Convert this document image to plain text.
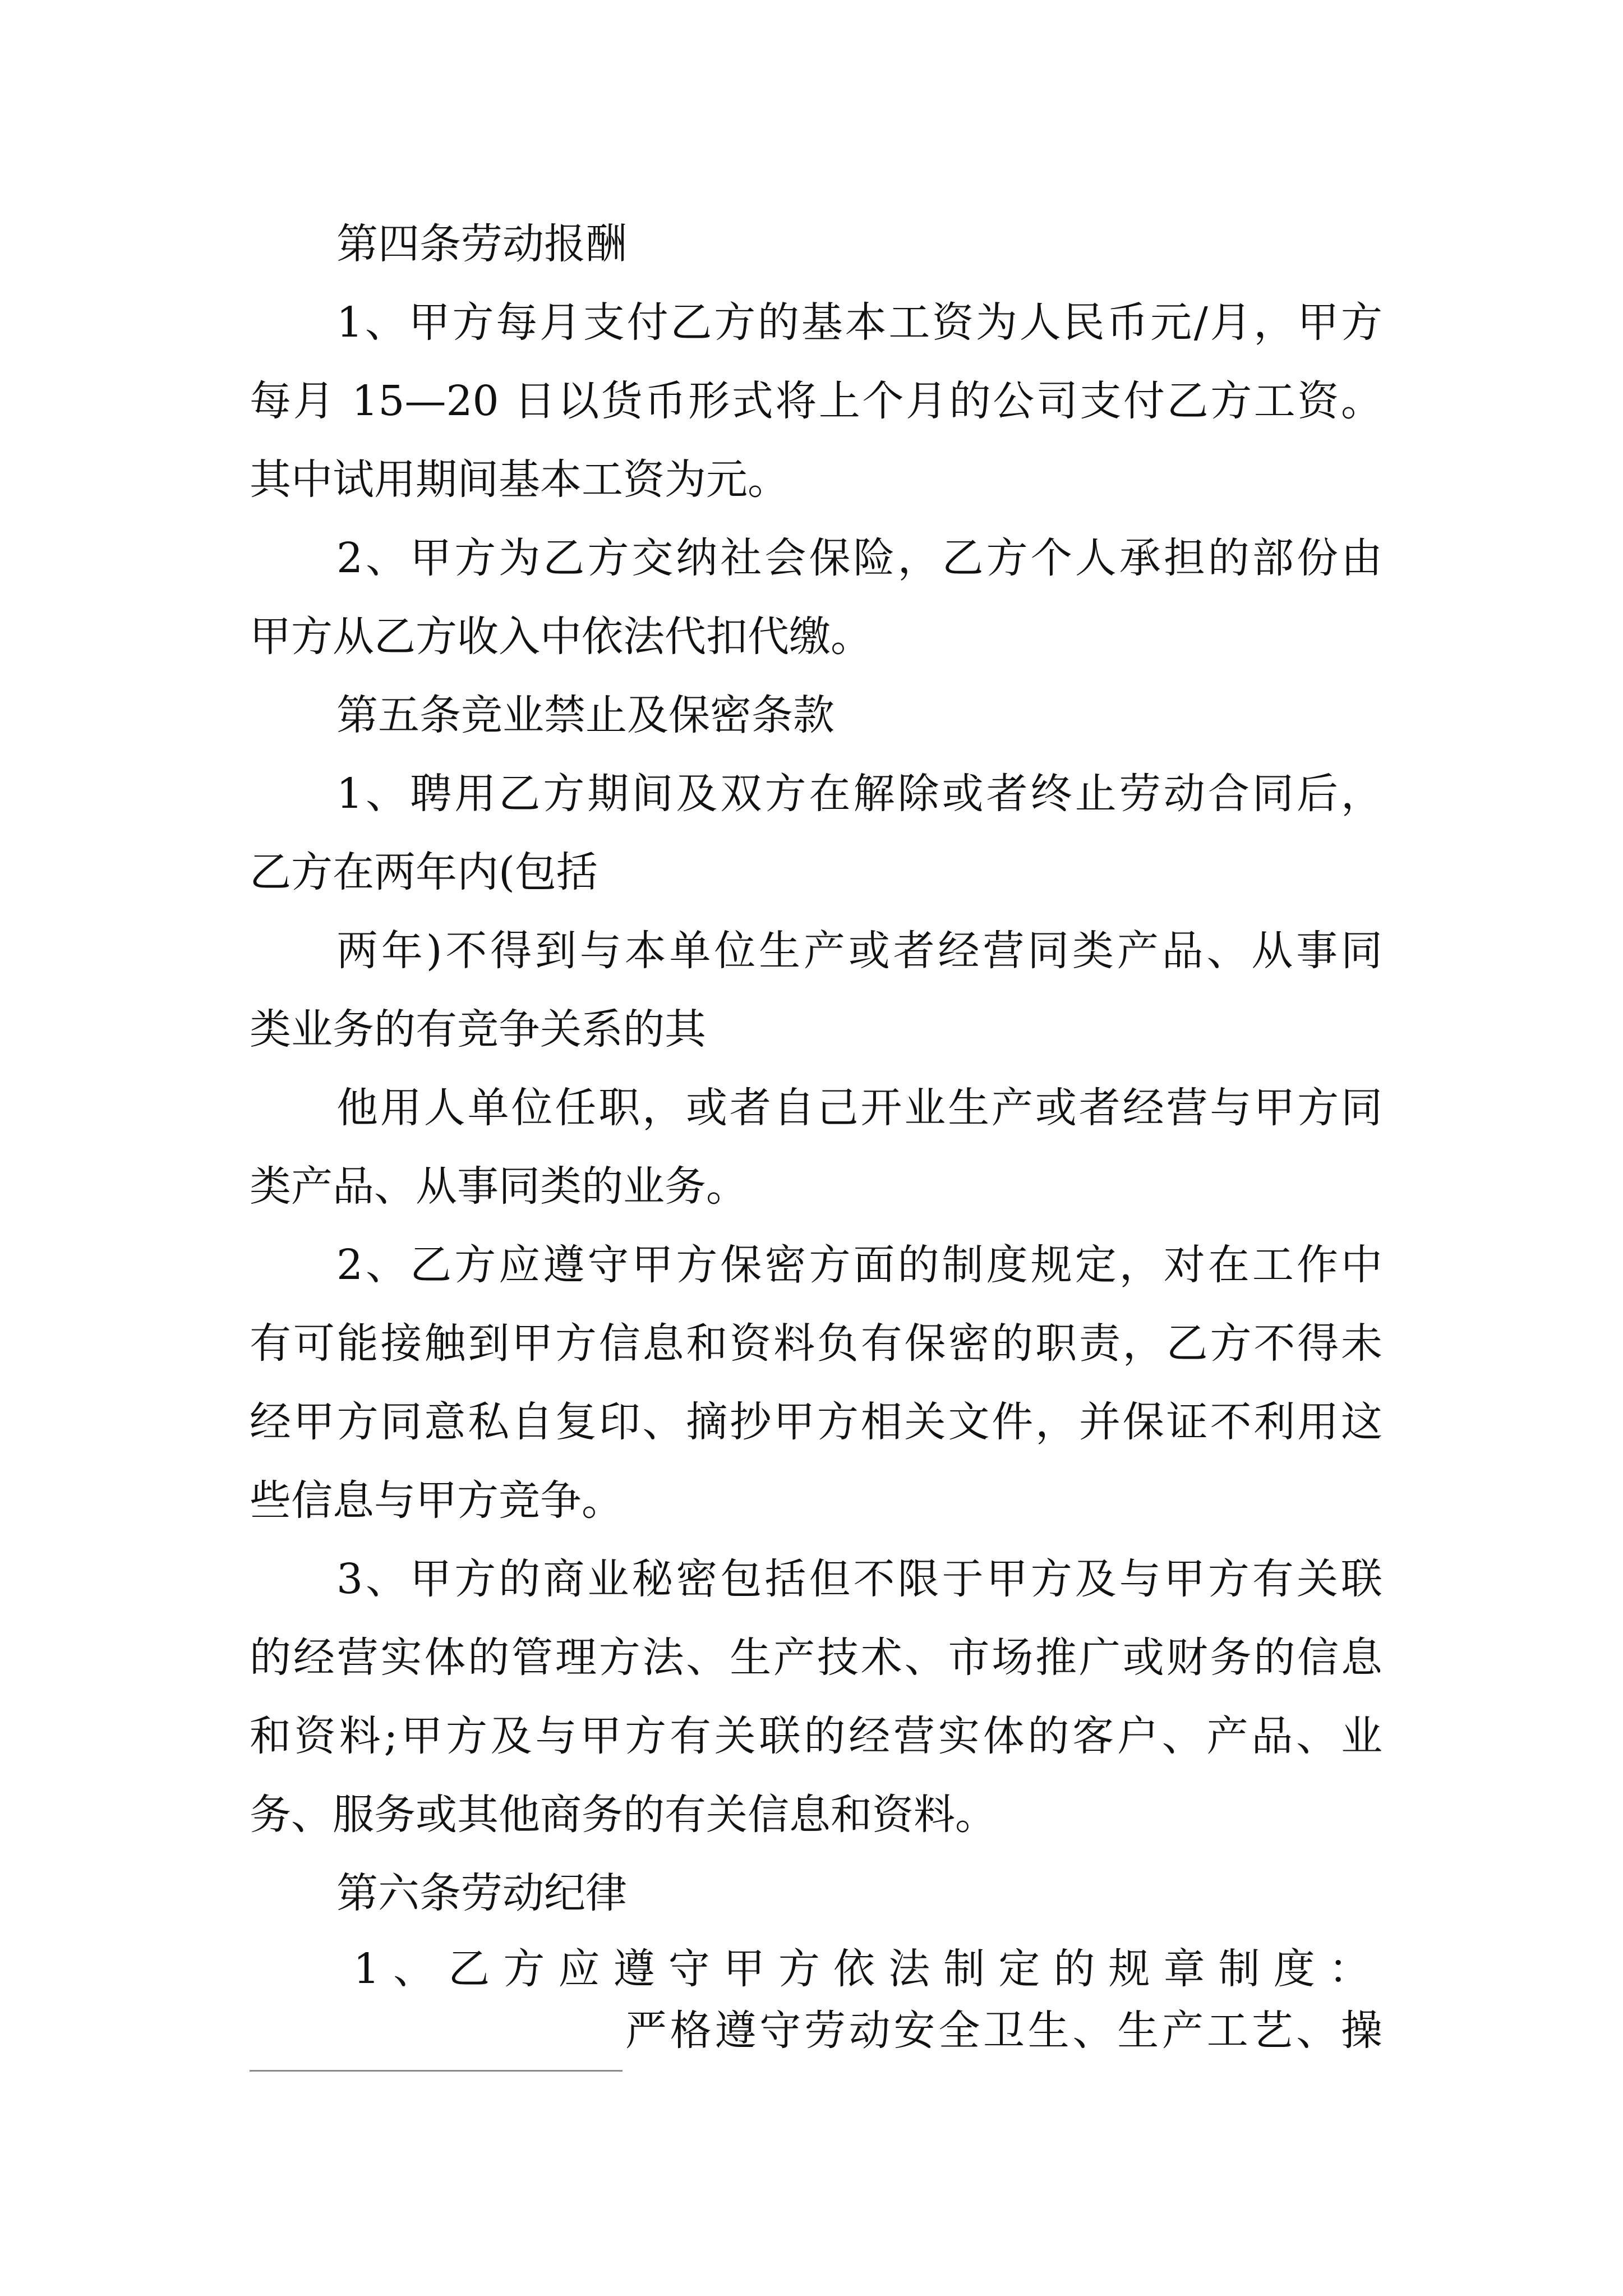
第四条劳动报酬
1、甲方每月支付乙方的基本工资为人民币元/月，甲方
每月 15—20 日以货币形式将上个月的公司支付乙方工资。
其中试用期间基本工资为元。
2、甲方为乙方交纳社会保险，乙方个人承担的部份由
甲方从乙方收入中依法代扣代缴。
第五条竞业禁止及保密条款
1、聘用乙方期间及双方在解除或者终止劳动合同后，
乙方在两年内(包括
两年)不得到与本单位生产或者经营同类产品、从事同
类业务的有竞争关系的其
他用人单位任职，或者自己开业生产或者经营与甲方同
类产品、从事同类的业务。
2、乙方应遵守甲方保密方面的制度规定，对在工作中
有可能接触到甲方信息和资料负有保密的职责，乙方不得未
经甲方同意私自复印、摘抄甲方相关文件，并保证不利用这
些信息与甲方竞争。
3、甲方的商业秘密包括但不限于甲方及与甲方有关联
的经营实体的管理方法、生产技术、市场推广或财务的信息
和资料;甲方及与甲方有关联的经营实体的客户、产品、业
务、服务或其他商务的有关信息和资料。
第六条劳动纪律
1、乙方应遵守甲方依法制定的规章制度：
严格遵守劳动安全卫生、生产工艺、操
